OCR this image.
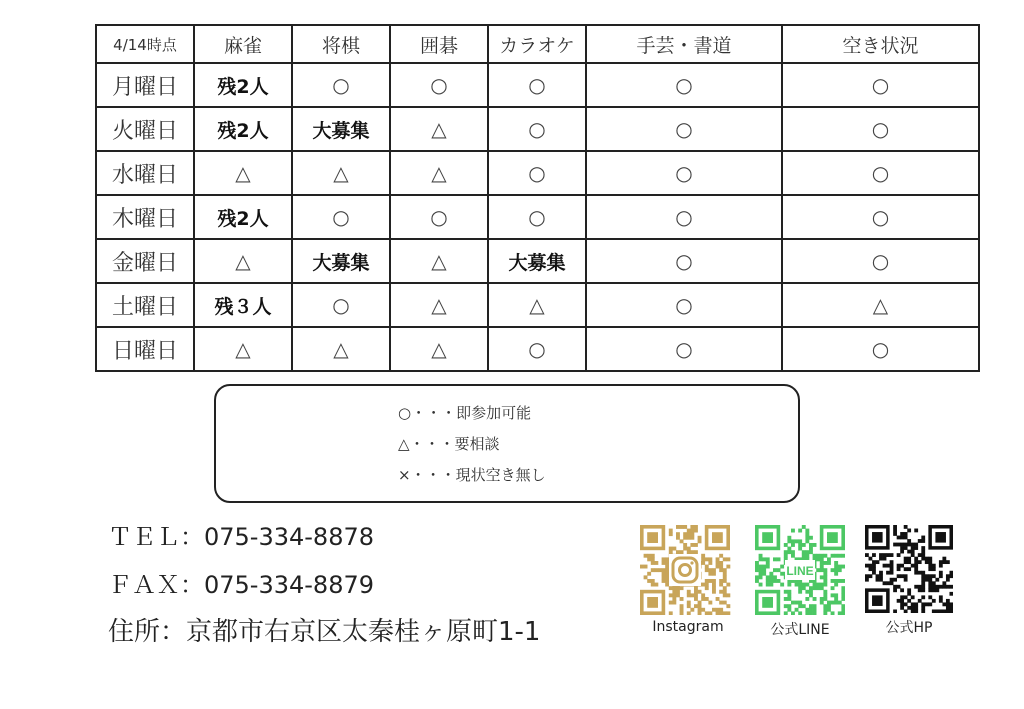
4/14時点	麻雀	将棋	囲碁	カラオケ	手芸・書道	空き状況
月曜日	残2人	○	○	○	○	○
火曜日	残2人	大募集	△	○	○	○
水曜日	△	△	△	○	○	○
木曜日	残2人	○	○	○	○	○
金曜日	△	大募集	△	大募集	○	○
土曜日	残３人	○	△	△	○	△
日曜日	△	△	△	○	○	○
○・・・即参加可能
△・・・要相談
×・・・現状空き無し
ＴＥＬ：075-334-8878
ＦＡＸ：075-334-8879
住所：京都市右京区太秦桂ヶ原町1-1	Instagram
LINE
公式LINE	公式HP
